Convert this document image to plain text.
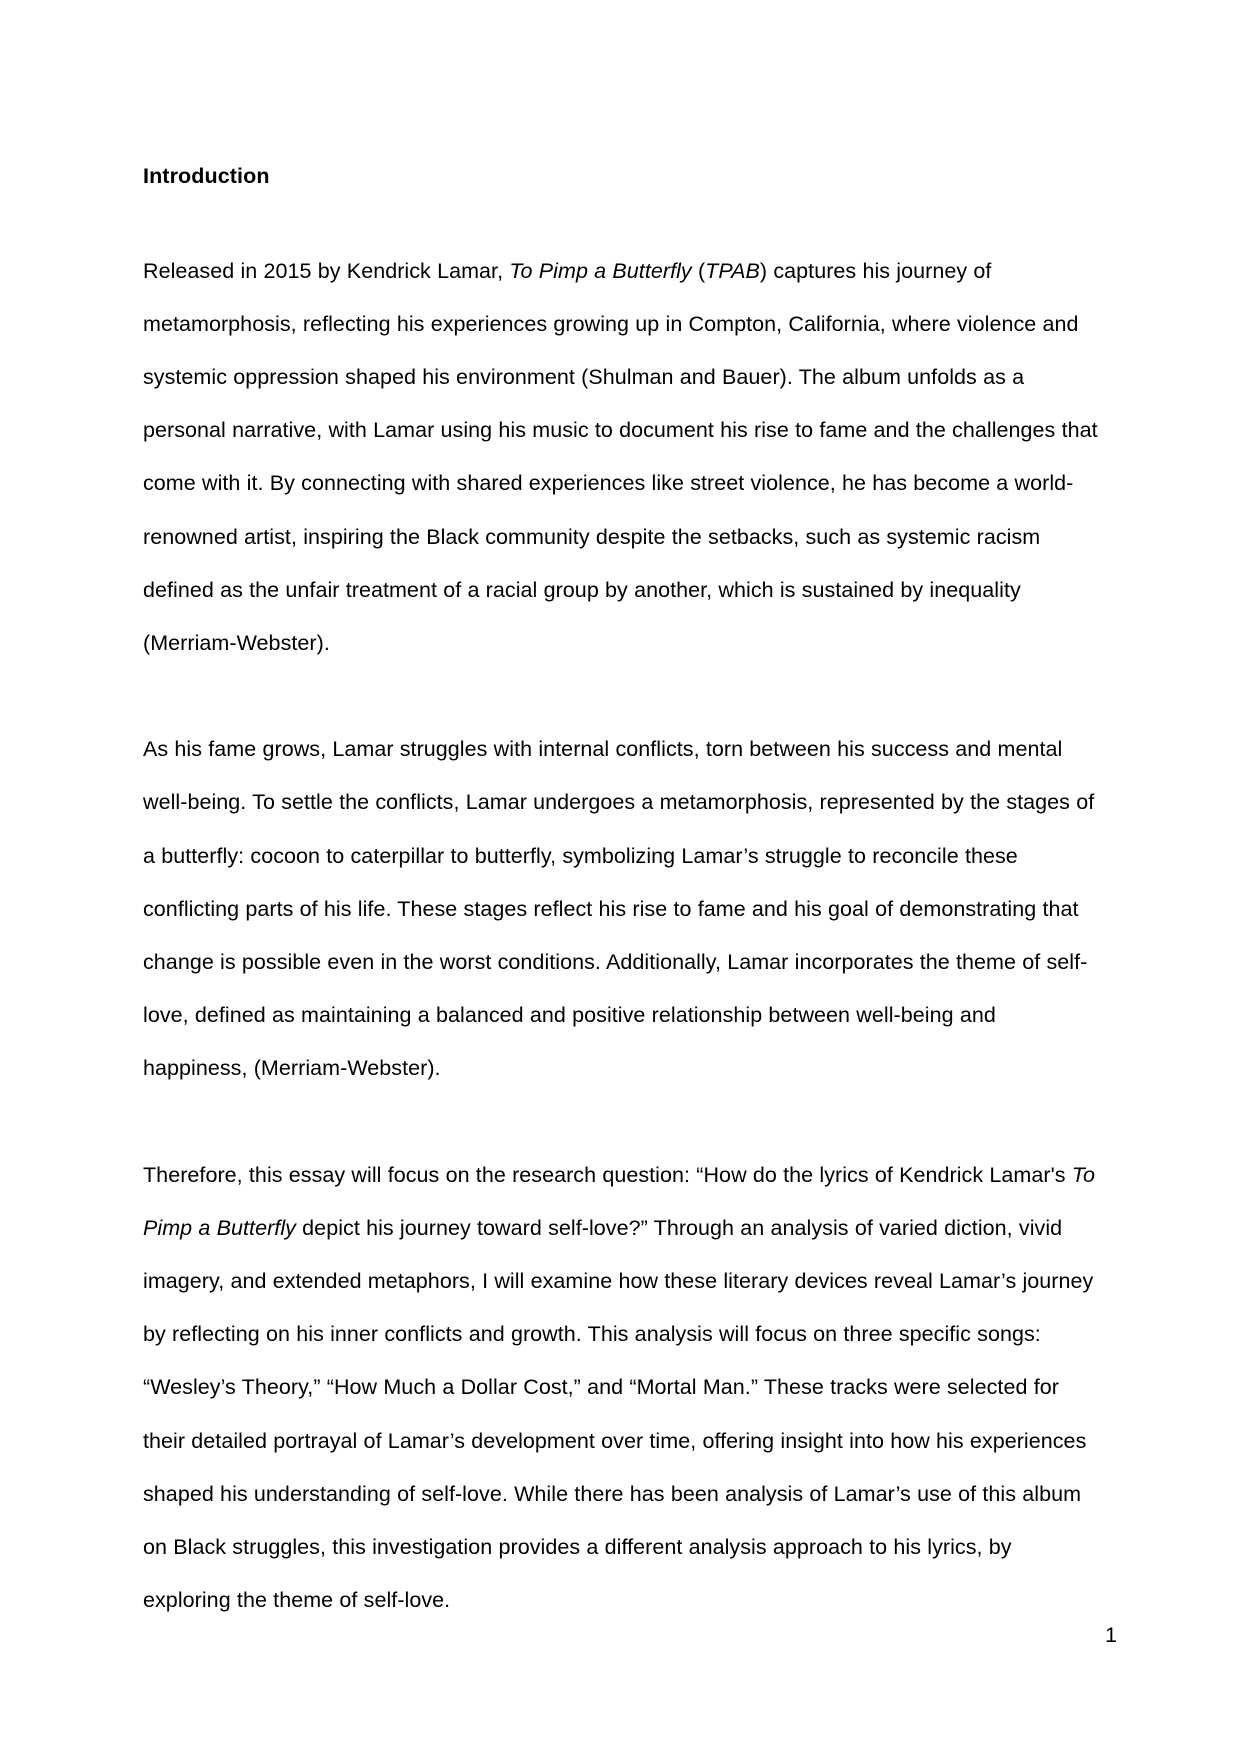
Introduction

Released in 2015 by Kendrick Lamar, To Pimp a Butterfly (TPAB) captures his journey of metamorphosis, reflecting his experiences growing up in Compton, California, where violence and systemic oppression shaped his environment (Shulman and Bauer). The album unfolds as a personal narrative, with Lamar using his music to document his rise to fame and the challenges that come with it. By connecting with shared experiences like street violence, he has become a world-renowned artist, inspiring the Black community despite the setbacks, such as systemic racism defined as the unfair treatment of a racial group by another, which is sustained by inequality (Merriam-Webster).

As his fame grows, Lamar struggles with internal conflicts, torn between his success and mental well-being. To settle the conflicts, Lamar undergoes a metamorphosis, represented by the stages of a butterfly: cocoon to caterpillar to butterfly, symbolizing Lamar’s struggle to reconcile these conflicting parts of his life. These stages reflect his rise to fame and his goal of demonstrating that change is possible even in the worst conditions. Additionally, Lamar incorporates the theme of self-love, defined as maintaining a balanced and positive relationship between well-being and happiness, (Merriam-Webster).

Therefore, this essay will focus on the research question: “How do the lyrics of Kendrick Lamar's To Pimp a Butterfly depict his journey toward self-love?” Through an analysis of varied diction, vivid imagery, and extended metaphors, I will examine how these literary devices reveal Lamar’s journey by reflecting on his inner conflicts and growth. This analysis will focus on three specific songs: “Wesley’s Theory,” “How Much a Dollar Cost,” and “Mortal Man.” These tracks were selected for their detailed portrayal of Lamar’s development over time, offering insight into how his experiences shaped his understanding of self-love. While there has been analysis of Lamar’s use of this album on Black struggles, this investigation provides a different analysis approach to his lyrics, by exploring the theme of self-love.

1
